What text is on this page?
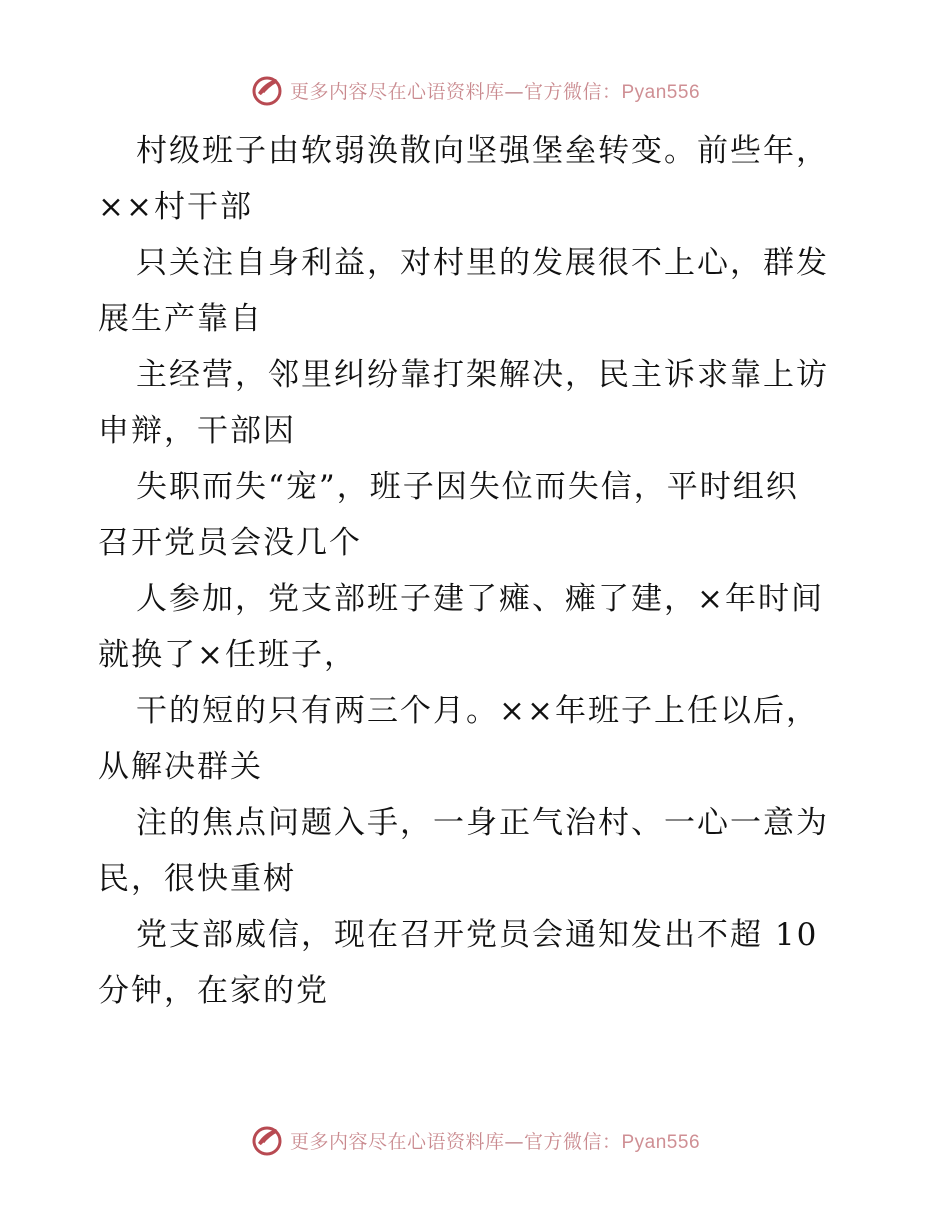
更多内容尽在心语资料库—官方微信：Pyan556

村级班子由软弱涣散向坚强堡垒转变。前些年，
××村干部

只关注自身利益，对村里的发展很不上心，群发
展生产靠自

主经营，邻里纠纷靠打架解决，民主诉求靠上访
申辩，干部因

失职而失“宠”，班子因失位而失信，平时组织
召开党员会没几个

人参加，党支部班子建了瘫、瘫了建，×年时间
就换了×任班子，

干的短的只有两三个月。××年班子上任以后，
从解决群关

注的焦点问题入手，一身正气治村、一心一意为
民，很快重树

党支部威信，现在召开党员会通知发出不超 10
分钟，在家的党

更多内容尽在心语资料库—官方微信：Pyan556
